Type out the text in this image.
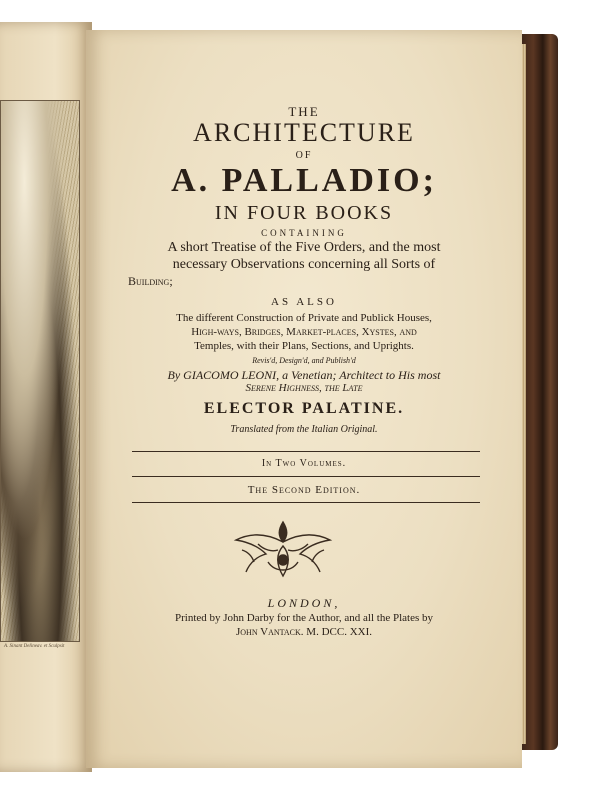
A. Sinant Delineav. et Sculpsit
THE
ARCHITECTURE
OF
A. PALLADIO;
IN FOUR BOOKS
CONTAINING
A short Treatise of the Five Orders, and the most
necessary Observations concerning all Sorts of
Building;
AS ALSO
The different Construction of Private and Publick Houses,
High-ways, Bridges, Market-places, Xystes, and
Temples, with their Plans, Sections, and Uprights.
Revis'd, Design'd, and Publish'd
By GIACOMO LEONI, a Venetian; Architect to His most
Serene Highness, the Late
ELECTOR PALATINE.
Translated from the Italian Original.
In Two Volumes.
The Second Edition.
LONDON,
Printed by John Darby for the Author, and all the Plates by
John Vantack. M. DCC. XXI.
